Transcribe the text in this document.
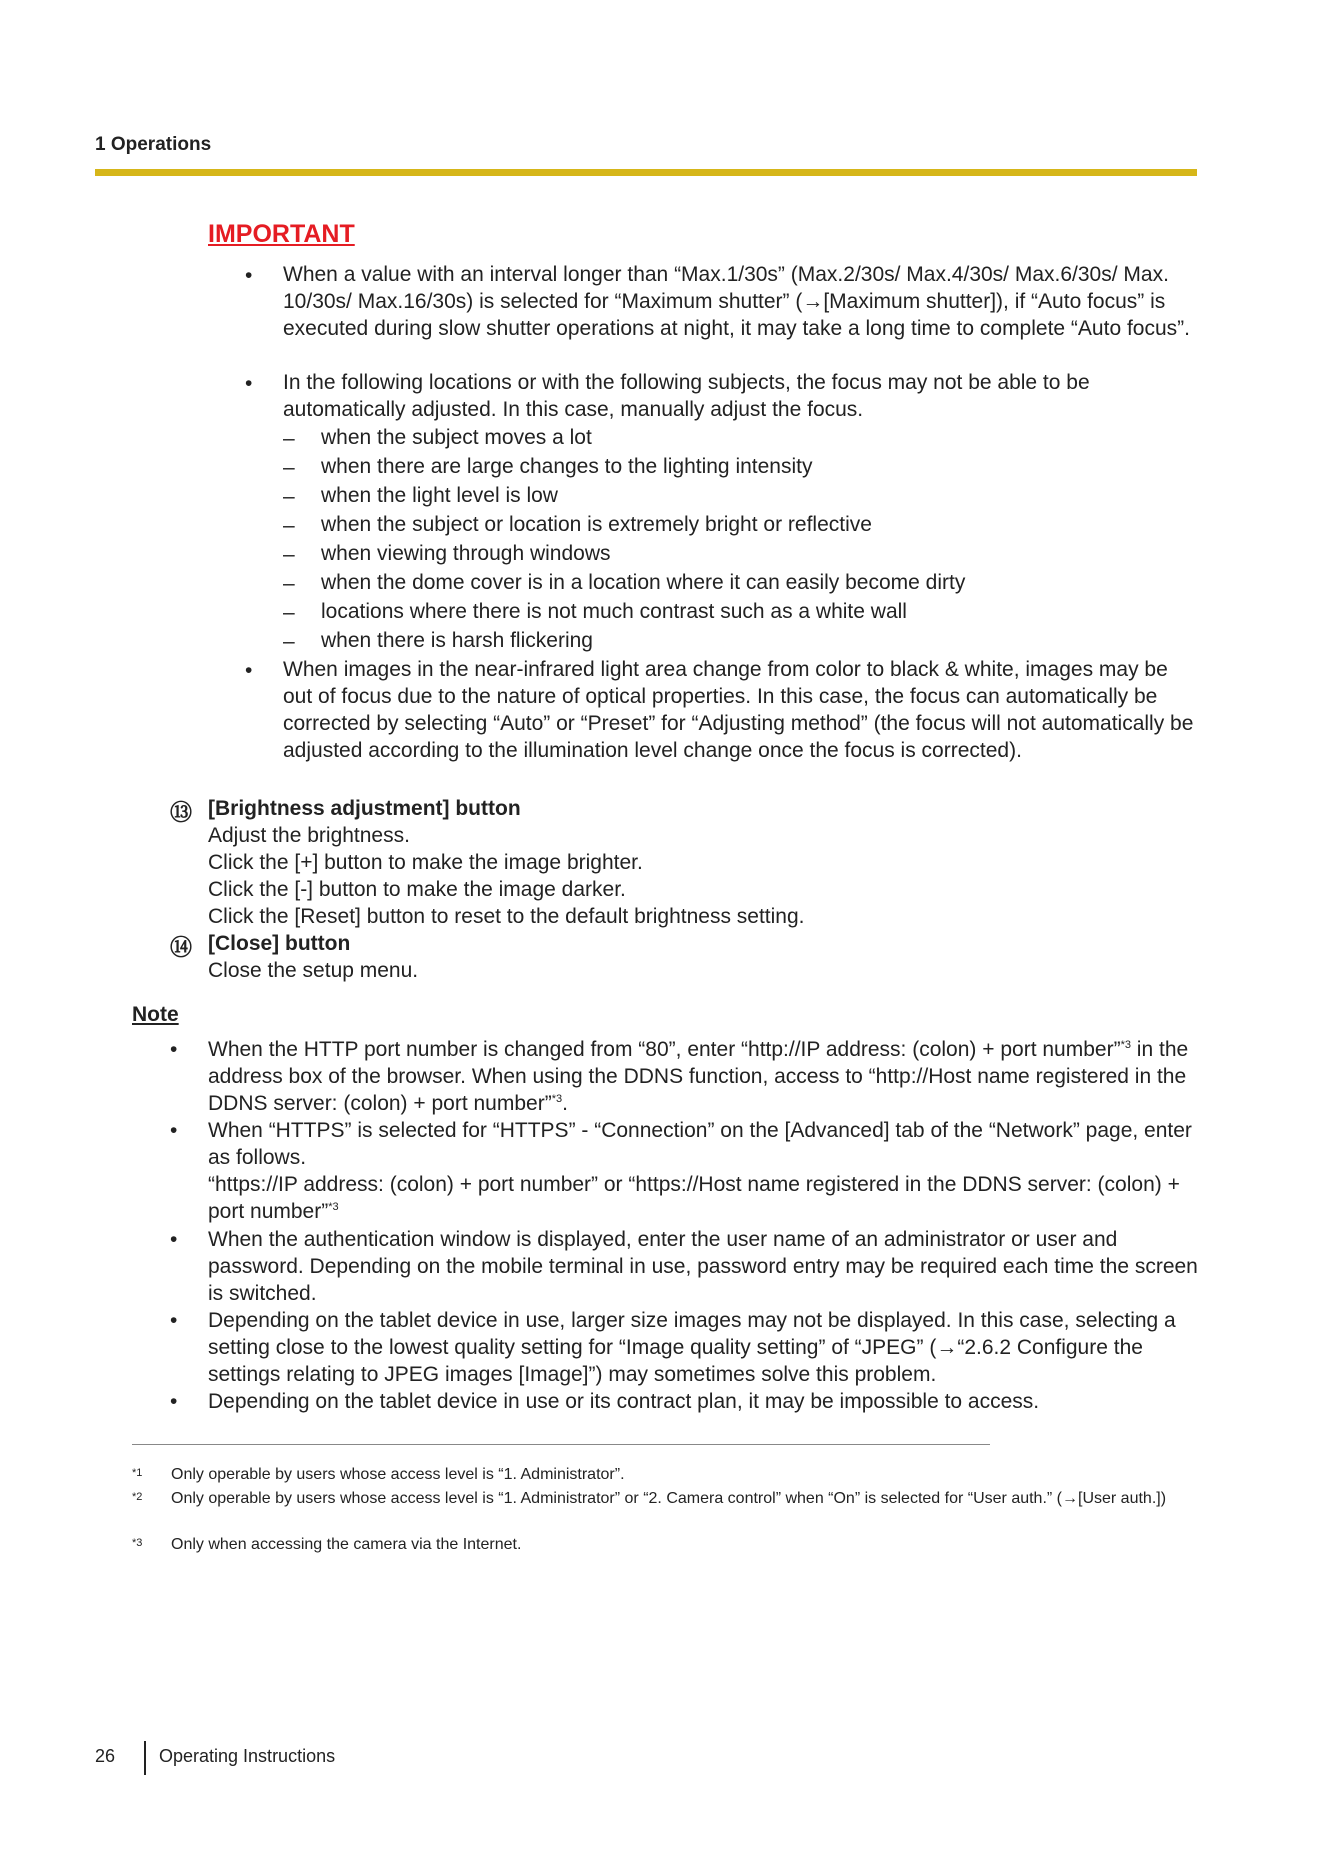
1 Operations
IMPORTANT
• When a value with an interval longer than “Max.1/30s” (Max.2/30s/ Max.4/30s/ Max.6/30s/ Max. 10/30s/ Max.16/30s) is selected for “Maximum shutter” (→[Maximum shutter]), if “Auto focus” is executed during slow shutter operations at night, it may take a long time to complete “Auto focus”.

• In the following locations or with the following subjects, the focus may not be able to be automatically adjusted. In this case, manually adjust the focus.

– when the subject moves a lot

– when there are large changes to the lighting intensity

– when the light level is low

– when the subject or location is extremely bright or reflective

– when viewing through windows

– when the dome cover is in a location where it can easily become dirty

– locations where there is not much contrast such as a white wall

– when there is harsh flickering

• When images in the near-infrared light area change from color to black & white, images may be out of focus due to the nature of optical properties. In this case, the focus can automatically be corrected by selecting “Auto” or “Preset” for “Adjusting method” (the focus will not automatically be adjusted according to the illumination level change once the focus is corrected).

⑬ [Brightness adjustment] button

Adjust the brightness.

Click the [+] button to make the image brighter.

Click the [-] button to make the image darker.

Click the [Reset] button to reset to the default brightness setting.

⑭ [Close] button

Close the setup menu.

Note
• When the HTTP port number is changed from “80”, enter “http://IP address: (colon) + port number”$^{*3}$ in the address box of the browser. When using the DDNS function, access to “http://Host name registered in the DDNS server: (colon) + port number”$^{*3}$.

• When “HTTPS” is selected for “HTTPS” - “Connection” on the [Advanced] tab of the “Network” page, enter as follows.
“https://IP address: (colon) + port number” or “https://Host name registered in the DDNS server: (colon) + port number”$^{*3}$

• When the authentication window is displayed, enter the user name of an administrator or user and password. Depending on the mobile terminal in use, password entry may be required each time the screen is switched.

• Depending on the tablet device in use, larger size images may not be displayed. In this case, selecting a setting close to the lowest quality setting for “Image quality setting” of “JPEG” (→“2.6.2 Configure the settings relating to JPEG images [Image]”) may sometimes solve this problem.

• Depending on the tablet device in use or its contract plan, it may be impossible to access.

*1 Only operable by users whose access level is “1. Administrator”.

*2 Only operable by users whose access level is “1. Administrator” or “2. Camera control” when “On” is selected for “User auth.” (→[User auth.])

*3 Only when accessing the camera via the Internet.

26 Operating Instructions
